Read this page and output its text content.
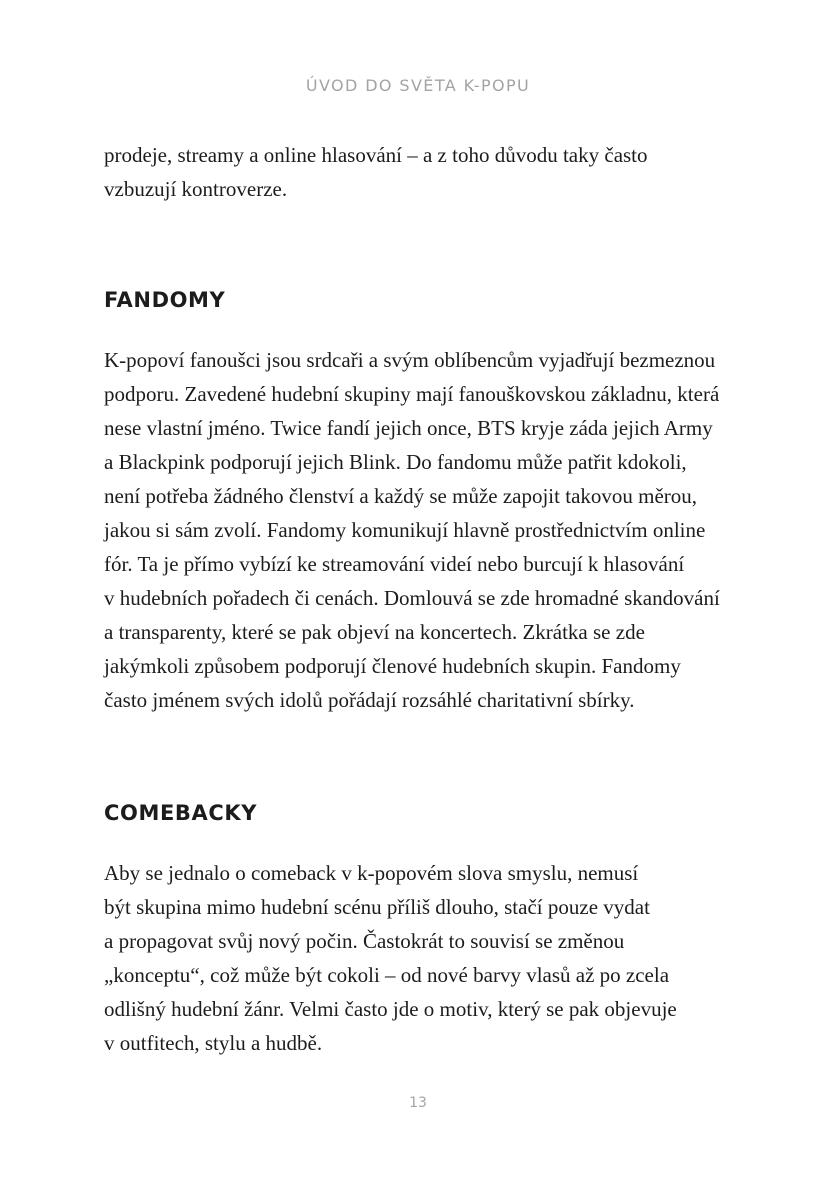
ÚVOD DO SVĚTA K-POPU
prodeje, streamy a online hlasování – a z toho důvodu taky často
vzbuzují kontroverze.
FANDOMY
K-popoví fanoušci jsou srdcaři a svým oblíbencům vyjadřují bezmeznou
podporu. Zavedené hudební skupiny mají fanouškovskou základnu, která
nese vlastní jméno. Twice fandí jejich once, BTS kryje záda jejich Army
a Blackpink podporují jejich Blink. Do fandomu může patřit kdokoli,
není potřeba žádného členství a každý se může zapojit takovou měrou,
jakou si sám zvolí. Fandomy komunikují hlavně prostřednictvím online
fór. Ta je přímo vybízí ke streamování videí nebo burcují k hlasování
v hudebních pořadech či cenách. Domlouvá se zde hromadné skandování
a transparenty, které se pak objeví na koncertech. Zkrátka se zde
jakýmkoli způsobem podporují členové hudebních skupin. Fandomy
často jménem svých idolů pořádají rozsáhlé charitativní sbírky.
COMEBACKY
Aby se jednalo o comeback v k-popovém slova smyslu, nemusí
být skupina mimo hudební scénu příliš dlouho, stačí pouze vydat
a propagovat svůj nový počin. Častokrát to souvisí se změnou
„konceptu“, což může být cokoli – od nové barvy vlasů až po zcela
odlišný hudební žánr. Velmi často jde o motiv, který se pak objevuje
v outfitech, stylu a hudbě.
13
